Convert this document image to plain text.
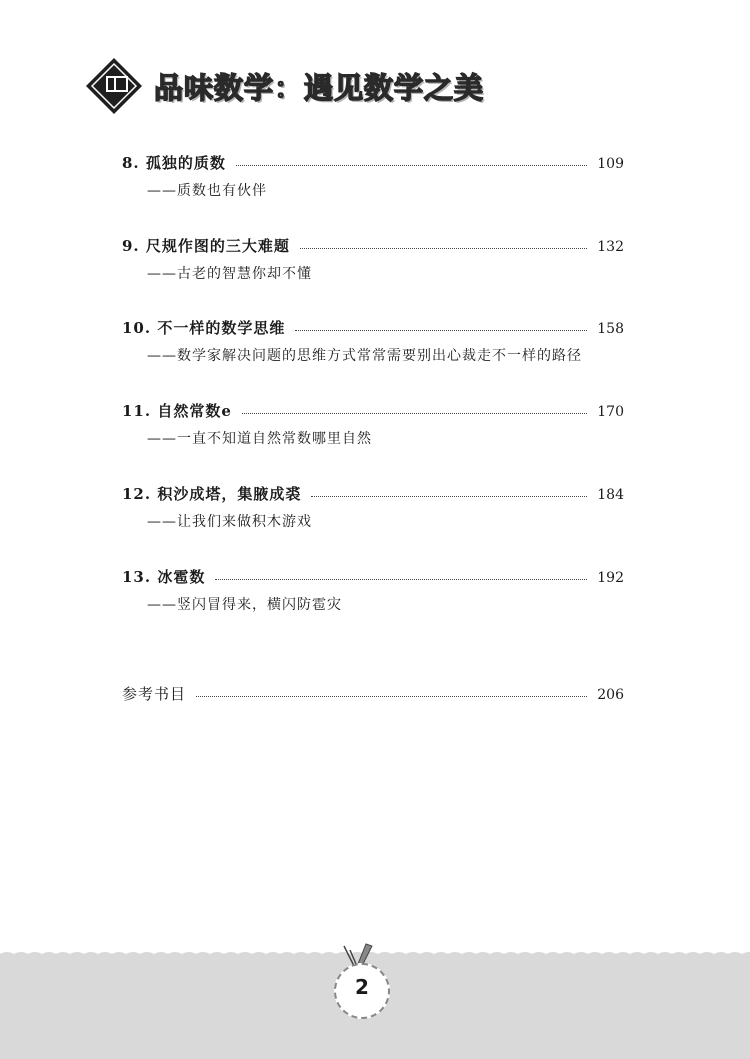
品味数学：遇见数学之美
8. 孤独的质数	109
——质数也有伙伴
9. 尺规作图的三大难题	132
——古老的智慧你却不懂
10. 不一样的数学思维	158
——数学家解决问题的思维方式常常需要别出心裁走不一样的路径
11. 自然常数e	170
——一直不知道自然常数哪里自然
12. 积沙成塔，集腋成裘	184
——让我们来做积木游戏
13. 冰雹数	192
——竖闪冒得来，横闪防雹灾
参考书目	206
2
